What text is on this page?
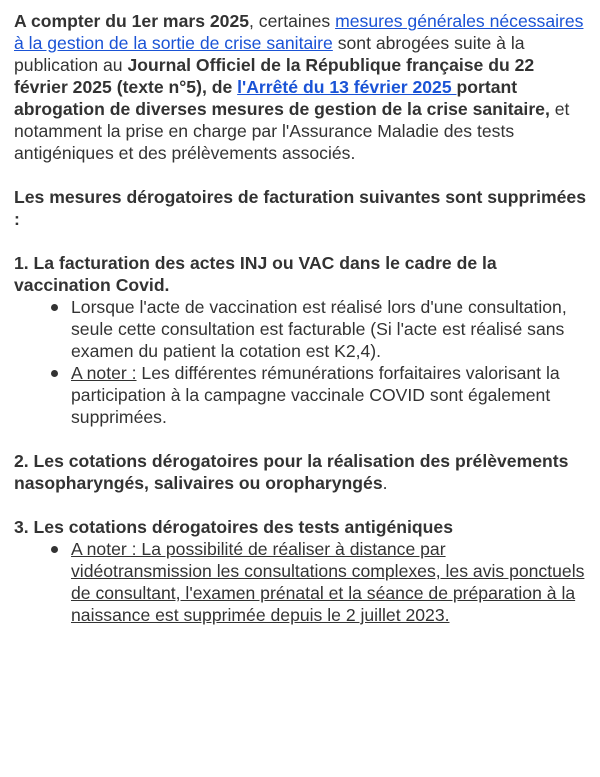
A compter du 1er mars 2025, certaines mesures générales nécessaires à la gestion de la sortie de crise sanitaire sont abrogées suite à la publication au Journal Officiel de la République française du 22 février 2025 (texte n°5), de l'Arrêté du 13 février 2025 portant abrogation de diverses mesures de gestion de la crise sanitaire, et notamment la prise en charge par l'Assurance Maladie des tests antigéniques et des prélèvements associés.

Les mesures dérogatoires de facturation suivantes sont supprimées :

1. La facturation des actes INJ ou VAC dans le cadre de la vaccination Covid.

Lorsque l'acte de vaccination est réalisé lors d'une consultation, seule cette consultation est facturable (Si l'acte est réalisé sans examen du patient la cotation est K2,4).
A noter : Les différentes rémunérations forfaitaires valorisant la participation à la campagne vaccinale COVID sont également supprimées.

2. Les cotations dérogatoires pour la réalisation des prélèvements nasopharyngés, salivaires ou oropharyngés.

3. Les cotations dérogatoires des tests antigéniques

A noter : La possibilité de réaliser à distance par vidéotransmission les consultations complexes, les avis ponctuels de consultant, l'examen prénatal et la séance de préparation à la naissance est supprimée depuis le 2 juillet 2023.
